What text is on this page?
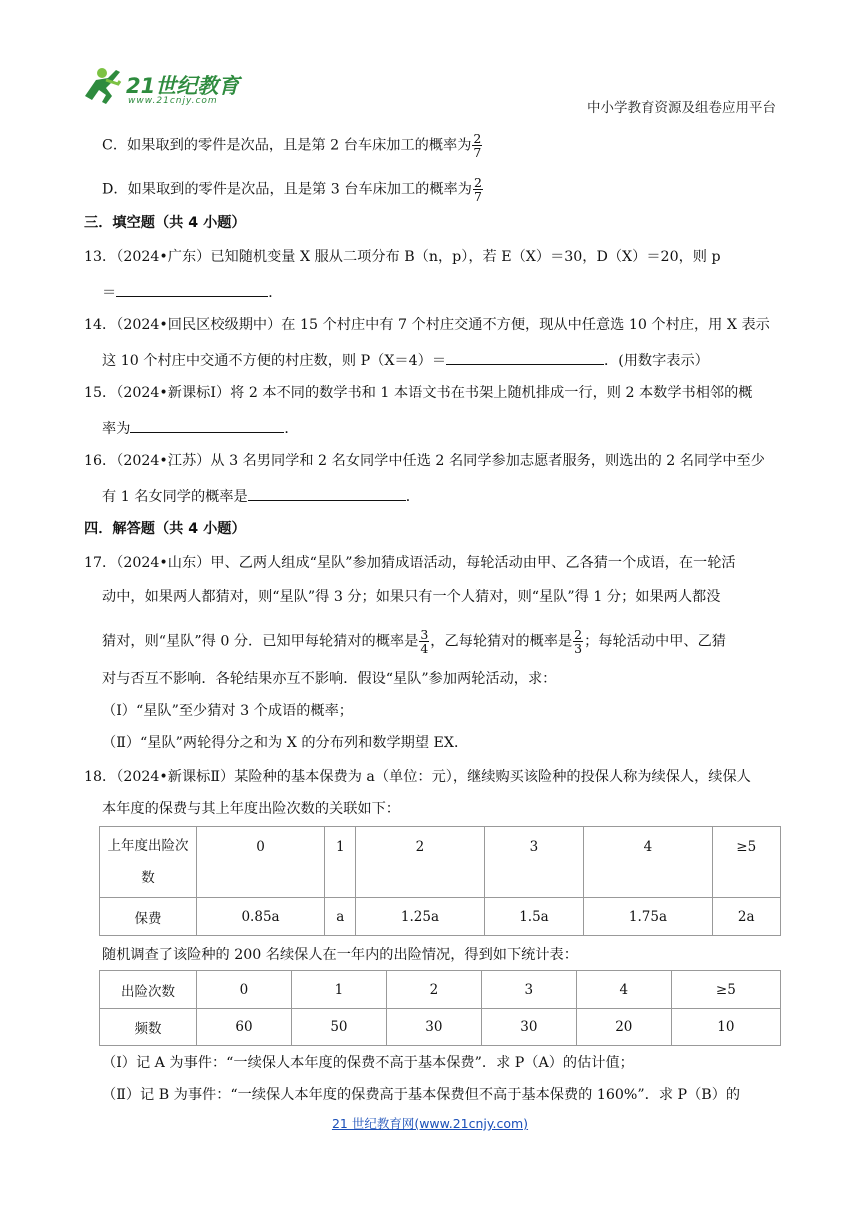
21世纪教育
www.21cnjy.com	中小学教育资源及组卷应用平台
C．如果取到的零件是次品，且是第 2 台车床加工的概率为 $\frac{2}{7}$
D．如果取到的零件是次品，且是第 3 台车床加工的概率为 $\frac{2}{7}$
三．填空题（共 4 小题）
13．（2024•广东）已知随机变量 X 服从二项分布 B（n，p），若 E（X）＝30，D（X）＝20，则 p
＝	．
14．（2024•回民区校级期中）在 15 个村庄中有 7 个村庄交通不方便，现从中任意选 10 个村庄，用 X 表示
这 10 个村庄中交通不方便的村庄数，则 P（X＝4）＝	．(用数字表示）
15．（2024•新课标Ⅰ）将 2 本不同的数学书和 1 本语文书在书架上随机排成一行，则 2 本数学书相邻的概
率为	．
16．（2024•江苏）从 3 名男同学和 2 名女同学中任选 2 名同学参加志愿者服务，则选出的 2 名同学中至少
有 1 名女同学的概率是	．
四．解答题（共 4 小题）
17．（2024•山东）甲、乙两人组成“星队”参加猜成语活动，每轮活动由甲、乙各猜一个成语，在一轮活
动中，如果两人都猜对，则“星队”得 3 分；如果只有一个人猜对，则“星队”得 1 分；如果两人都没
猜对，则“星队”得 0 分．已知甲每轮猜对的概率是 $\frac{3}{4}$ ，乙每轮猜对的概率是 $\frac{2}{3}$ ；每轮活动中甲、乙猜
对与否互不影响．各轮结果亦互不影响．假设“星队”参加两轮活动，求：
（Ⅰ）“星队”至少猜对 3 个成语的概率；
（Ⅱ）“星队”两轮得分之和为 X 的分布列和数学期望 EX．
18．（2024•新课标Ⅱ）某险种的基本保费为 a（单位：元），继续购买该险种的投保人称为续保人，续保人
本年度的保费与其上年度出险次数的关联如下：
上年度出险次
数	0	1	2	3	4	≥5
保费	0.85a	a	1.25a	1.5a	1.75a	2a
随机调查了该险种的 200 名续保人在一年内的出险情况，得到如下统计表：
出险次数	0	1	2	3	4	≥5
频数	60	50	30	30	20	10
（I）记 A 为事件：“一续保人本年度的保费不高于基本保费”．求 P（A）的估计值；
（Ⅱ）记 B 为事件：“一续保人本年度的保费高于基本保费但不高于基本保费的 160%”．求 P（B）的
21 世纪教育网(www.21cnjy.com)
